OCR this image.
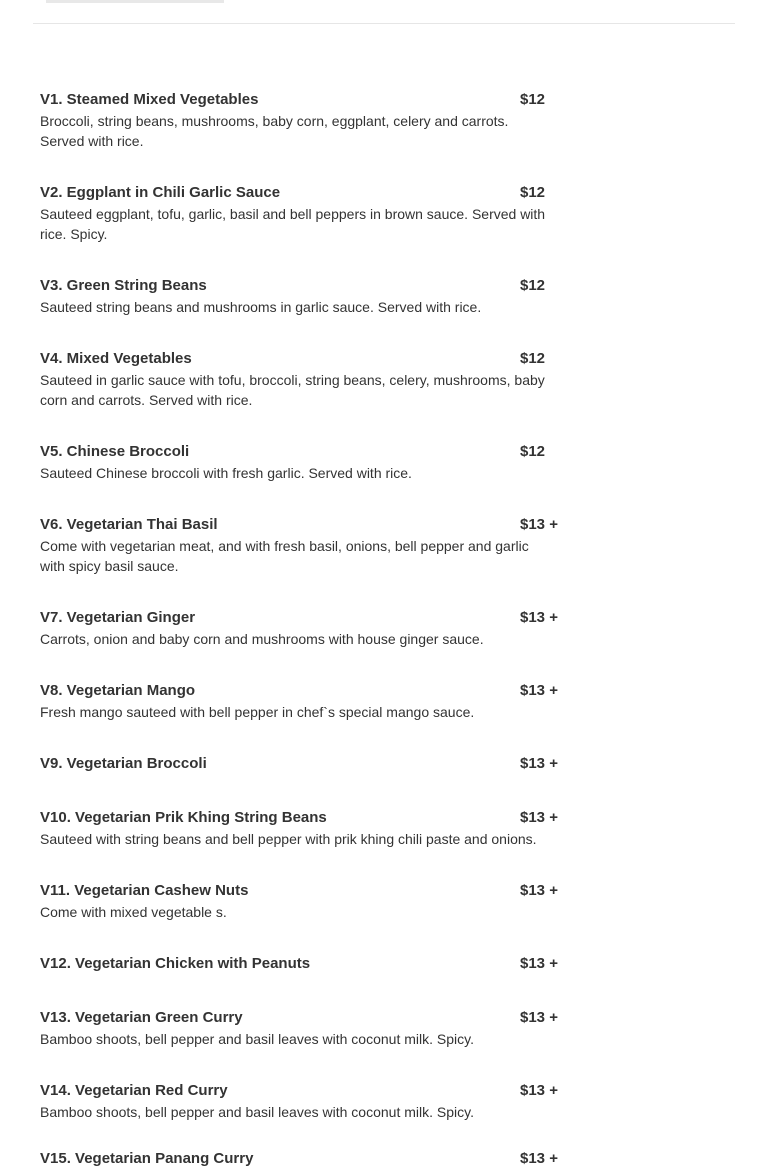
V1. Steamed Mixed Vegetables	$12
Broccoli, string beans, mushrooms, baby corn, eggplant, celery and carrots. Served with rice.
V2. Eggplant in Chili Garlic Sauce	$12
Sauteed eggplant, tofu, garlic, basil and bell peppers in brown sauce. Served with rice. Spicy.
V3. Green String Beans	$12
Sauteed string beans and mushrooms in garlic sauce. Served with rice.
V4. Mixed Vegetables	$12
Sauteed in garlic sauce with tofu, broccoli, string beans, celery, mushrooms, baby corn and carrots. Served with rice.
V5. Chinese Broccoli	$12
Sauteed Chinese broccoli with fresh garlic. Served with rice.
V6. Vegetarian Thai Basil	$13 +
Come with vegetarian meat, and with fresh basil, onions, bell pepper and garlic with spicy basil sauce.
V7. Vegetarian Ginger	$13 +
Carrots, onion and baby corn and mushrooms with house ginger sauce.
V8. Vegetarian Mango	$13 +
Fresh mango sauteed with bell pepper in chef`s special mango sauce.
V9. Vegetarian Broccoli	$13 +
V10. Vegetarian Prik Khing String Beans	$13 +
Sauteed with string beans and bell pepper with prik khing chili paste and onions.
V11. Vegetarian Cashew Nuts	$13 +
Come with mixed vegetable s.
V12. Vegetarian Chicken with Peanuts	$13 +
V13. Vegetarian Green Curry	$13 +
Bamboo shoots, bell pepper and basil leaves with coconut milk. Spicy.
V14. Vegetarian Red Curry	$13 +
Bamboo shoots, bell pepper and basil leaves with coconut milk. Spicy.
V15. Vegetarian Panang Curry	$13 +
